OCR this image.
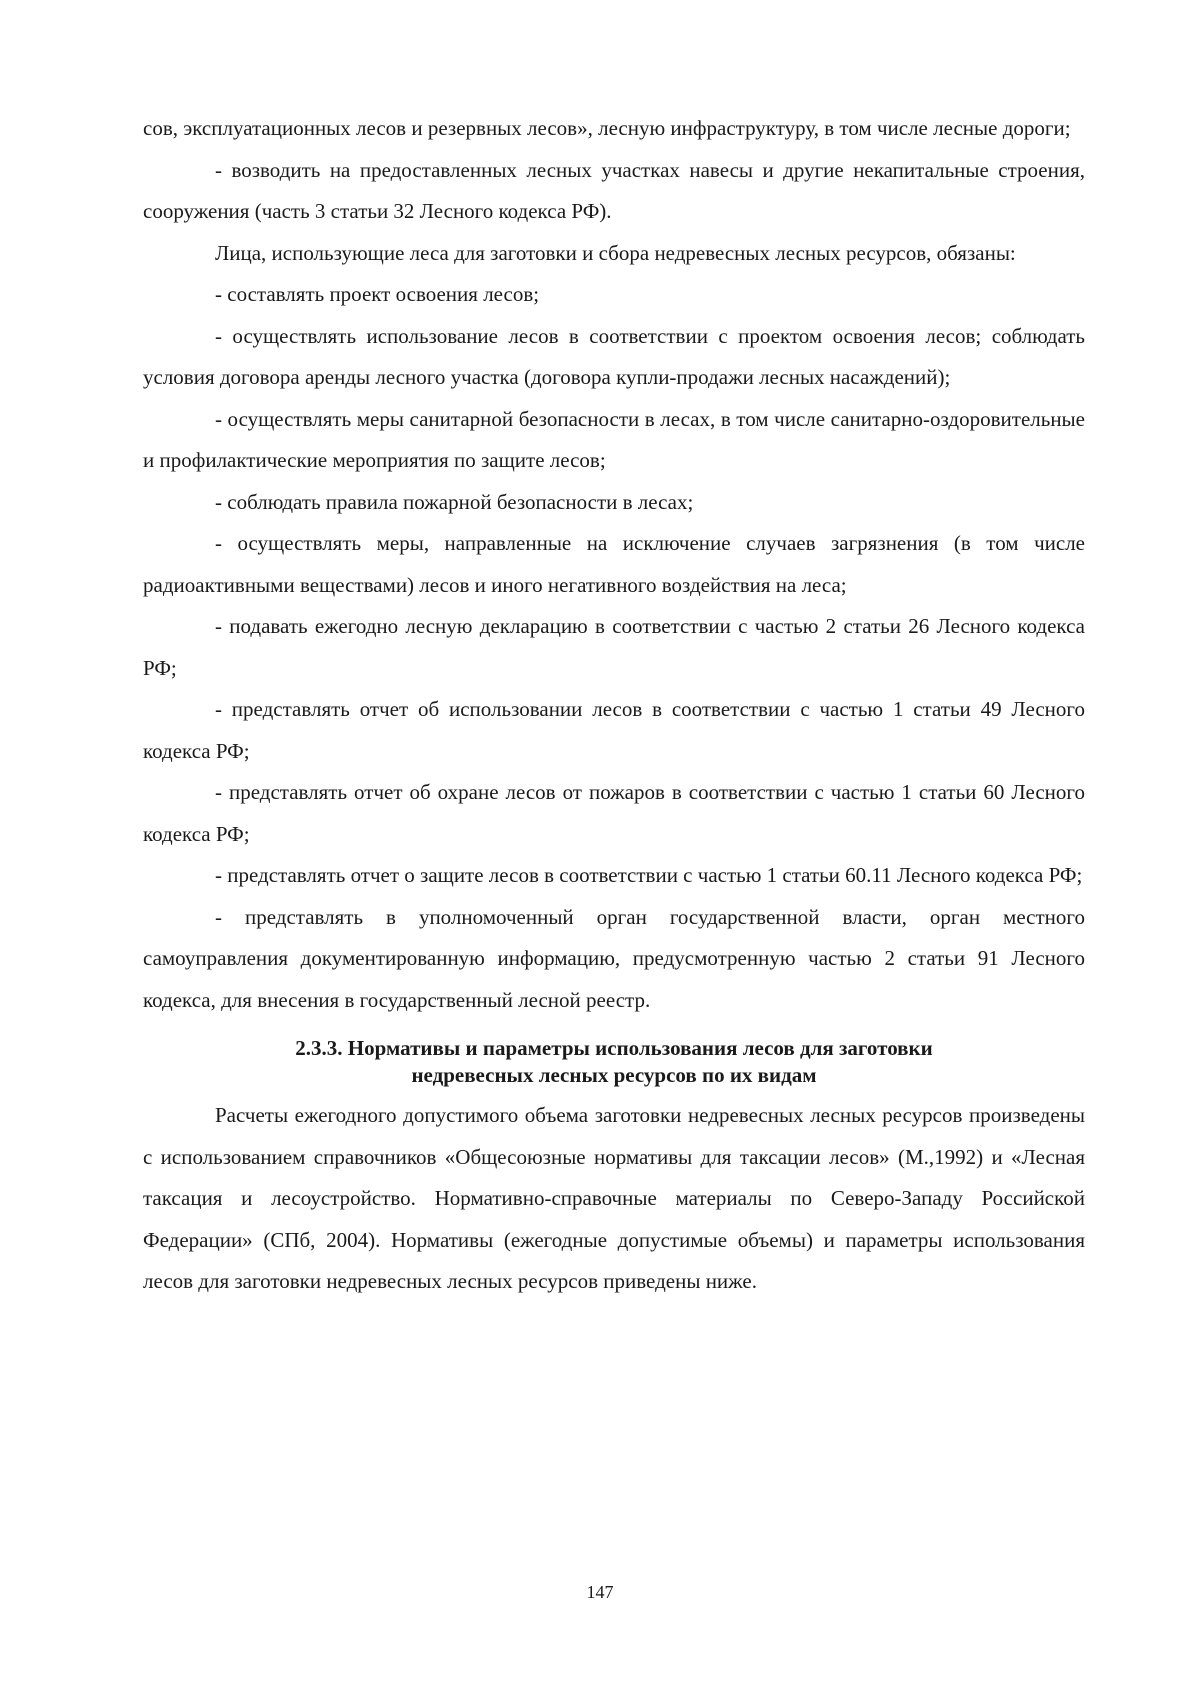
сов, эксплуатационных лесов и резервных лесов», лесную инфраструктуру, в том числе лесные дороги;

- возводить на предоставленных лесных участках навесы и другие некапитальные строения, сооружения (часть 3 статьи 32 Лесного кодекса РФ).

Лица, использующие леса для заготовки и сбора недревесных лесных ресурсов, обязаны:

- составлять проект освоения лесов;

- осуществлять использование лесов в соответствии с проектом освоения лесов; соблюдать условия договора аренды лесного участка (договора купли-продажи лесных насаждений);

- осуществлять меры санитарной безопасности в лесах, в том числе санитарно-оздоровительные и профилактические мероприятия по защите лесов;

- соблюдать правила пожарной безопасности в лесах;

- осуществлять меры, направленные на исключение случаев загрязнения (в том числе радиоактивными веществами) лесов и иного негативного воздействия на леса;

- подавать ежегодно лесную декларацию в соответствии с частью 2 статьи 26 Лесного кодекса РФ;

- представлять отчет об использовании лесов в соответствии с частью 1 статьи 49 Лесного кодекса РФ;

- представлять отчет об охране лесов от пожаров в соответствии с частью 1 статьи 60 Лесного кодекса РФ;

- представлять отчет о защите лесов в соответствии с частью 1 статьи 60.11 Лесного кодекса РФ;

- представлять в уполномоченный орган государственной власти, орган местного самоуправления документированную информацию, предусмотренную частью 2 статьи 91 Лесного кодекса, для внесения в государственный лесной реестр.

2.3.3. Нормативы и параметры использования лесов для заготовки
недревесных лесных ресурсов по их видам

Расчеты ежегодного допустимого объема заготовки недревесных лесных ресурсов произведены с использованием справочников «Общесоюзные нормативы для таксации лесов» (М.,1992) и «Лесная таксация и лесоустройство. Нормативно-справочные материалы по Северо-Западу Российской Федерации» (СПб, 2004). Нормативы (ежегодные допустимые объемы) и параметры использования лесов для заготовки недревесных лесных ресурсов приведены ниже.

147
